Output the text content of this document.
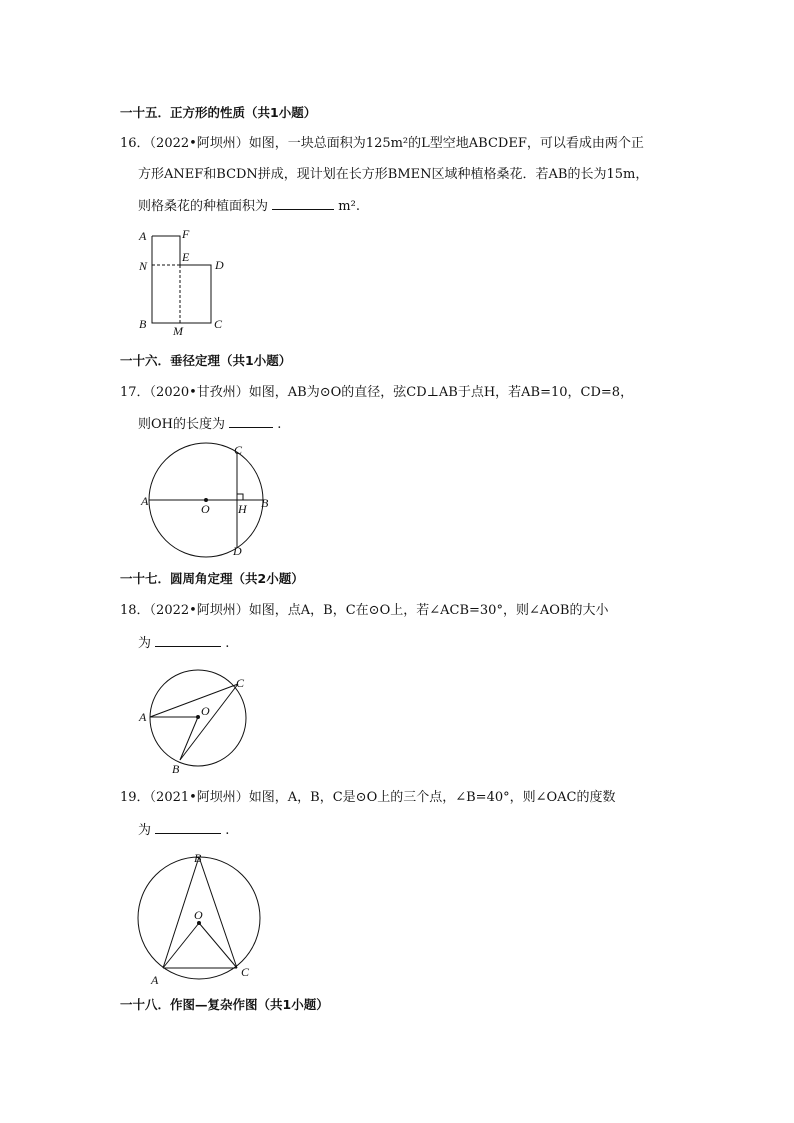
一十五．正方形的性质（共1小题）
16．（2022•阿坝州）如图，一块总面积为125m²的L型空地ABCDEF，可以看成由两个正
方形ANEF和BCDN拼成，现计划在长方形BMEN区域种植格桑花．若AB的长为15m，
则格桑花的种植面积为	m².
A	F
N
E
D
B M	C
一十六．垂径定理（共1小题）
17．（2020•甘孜州）如图，AB为⊙O的直径，弦CD⊥AB于点H，若AB=10，CD=8，
则OH的长度为	.
A
O H B
C
D
一十七．圆周角定理（共2小题）
18．（2022•阿坝州）如图，点A，B，C在⊙O上，若∠ACB=30°，则∠AOB的大小
为	.
A	O
C
B
19．（2021•阿坝州）如图，A，B，C是⊙O上的三个点，∠B=40°，则∠OAC的度数
为	.
B
O
A
C
一十八．作图—复杂作图（共1小题）
